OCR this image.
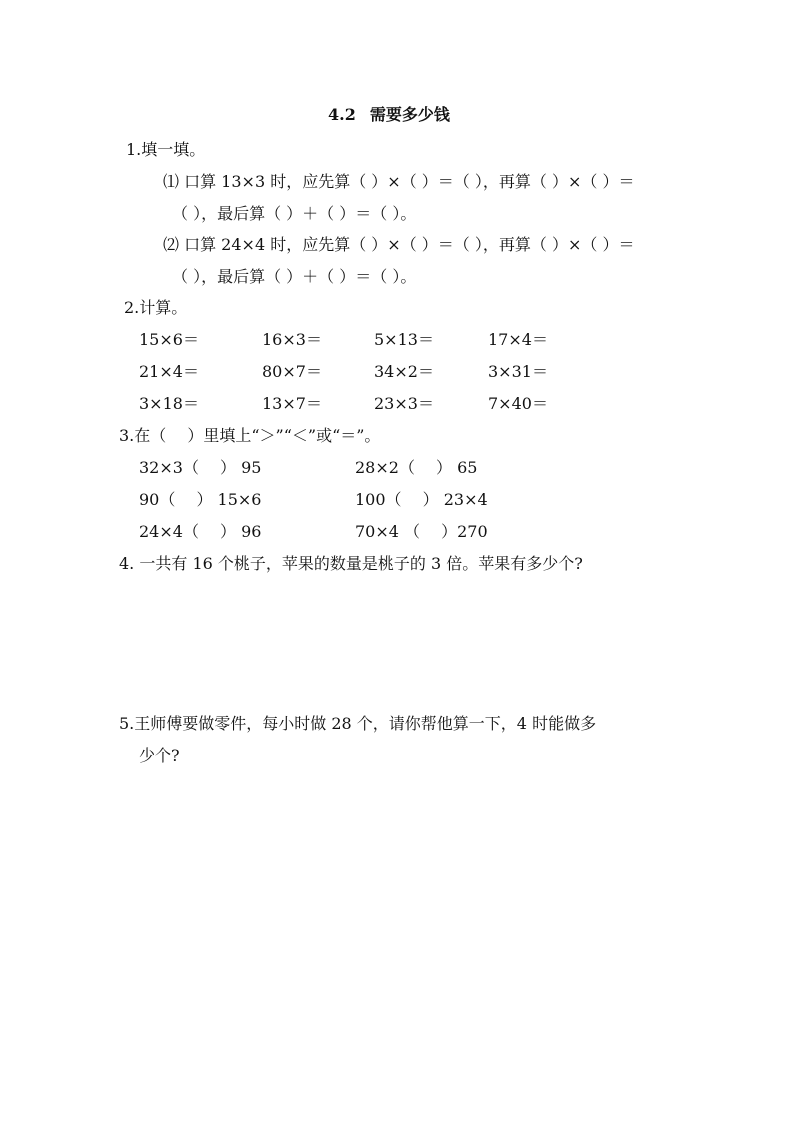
4.2 需要多少钱
1.填一填。
⑴ 口算 13×3 时，应先算（ ）×（ ）＝（ ），再算（ ）×（ ）＝
（ ），最后算（ ）＋（ ）＝（ ）。
⑵ 口算 24×4 时，应先算（ ）×（ ）＝（ ），再算（ ）×（ ）＝
（ ），最后算（ ）＋（ ）＝（ ）。
2.计算。
15×6＝	16×3＝	5×13＝	17×4＝
21×4＝	80×7＝	34×2＝	3×31＝
3×18＝	13×7＝	23×3＝	7×40＝
3.在（　 ）里填上“＞”“＜”或“＝”。
32×3（　 ） 95	28×2（　 ） 65
90（　 ） 15×6	100（　 ） 23×4
24×4（　 ） 96	70×4 （　 ）270
4. 一共有 16 个桃子，苹果的数量是桃子的 3 倍。苹果有多少个?
5.王师傅要做零件，每小时做 28 个，请你帮他算一下，4 时能做多
少个?
